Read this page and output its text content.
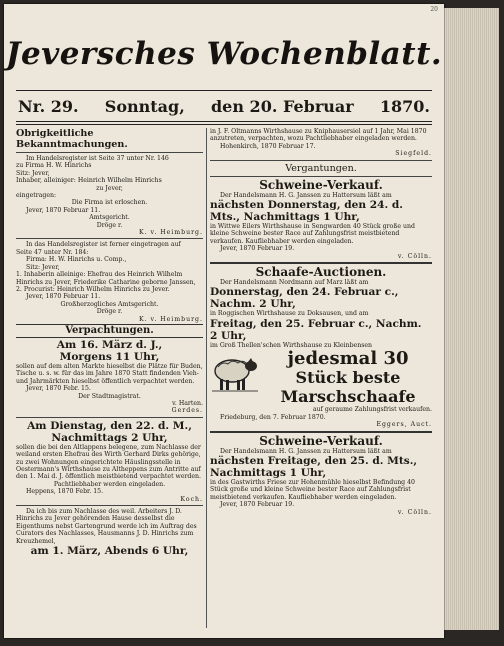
20
Jeversches Wochenblatt.
Nr. 29. Sonntag, den 20. Februar 1870.

Obrigkeitliche Bekanntmachungen.

Im Handelsregister ist Seite 37 unter Nr. 146

zu Firma H. W. Hinrichs

Sitz: Jever,

Inhaber, alleiniger: Heinrich Wilhelm Hinrichs

zu Jever,

eingetragen:

Die Firma ist erloschen.

Jever, 1870 Februar 11.

Amtsgericht.

Dröge r.

K. v. Heimburg.

In das Handelsregister ist ferner eingetragen auf

Seite 47 unter Nr. 184:

Firma: H. W. Hinrichs u. Comp.,

Sitz: Jever,

1. Inhaberin alleinige: Ehefrau des Heinrich Wilhelm Hinrichs zu Jever, Friederike Catharine geborne Janssen,

2. Procurist: Heinrich Wilhelm Hinrichs zu Jever.

Jever, 1870 Februar 11.

Großherzogliches Amtsgericht.

Dröge r.

K. v. Heimburg.

Verpachtungen.

Am 16. März d. J.,

Morgens 11 Uhr,

sollen auf dem alten Markte hieselbst die Plätze für Buden, Tische u. s. w. für das im Jahre 1870 Statt findenden Vieh- und Jahrmärkten hieselbst öffentlich verpachtet werden.

Jever, 1870 Febr. 15.

Der Stadtmagistrat.

v. Harten.

Gerdes.

Am Dienstag, den 22. d. M.,

Nachmittags 2 Uhr,

sollen die bei den Altlappens belegene, zum Nachlasse der weiland ersten Ehefrau des Wirth Gerhard Dirks gehörige, zu zwei Wohnungen eingerichtete Häuslingsstelle in Oestermann's Wirthshause zu Altheppens zum Antritte auf den 1. Mai d. J. öffentlich meistbietend verpachtet werden.

Pachtliebhaber werden eingeladen.

Heppens, 1870 Febr. 15.

Koch.

Da ich bis zum Nachlasse des weil. Arbeiters J. D. Hinrichs zu Jever gehörenden Hause desselbst die Eigenthums nebst Gartengrund werde ich im Auftrag des Curators des Nachlasses, Hausmanns J. D. Hinrichs zum Kreuzhemel,

am 1. März, Abends 6 Uhr,

in J. F. Oltmanns Wirthshause zu Kniphausersiel auf 1 Jahr, Mai 1870 anzutreten, verpachten, wozu Pachtliebhaber eingeladen werden.

Hohenkirch, 1870 Februar 17.

Siegfeld.

Vergantungen.

Schweine-Verkauf.

Der Handelsmann H. G. Janssen zu Hattersum läßt am

nächsten Donnerstag, den 24. d. Mts., Nachmittags 1 Uhr,

in Wittwe Eilers Wirthshause in Sengwarden 40 Stück große und kleine Schweine bester Race auf Zahlungsfrist meistbietend verkaufen. Kaufliebhaber werden eingeladen.

Jever, 1870 Februar 19.

v. Cölln.

Schaafe-Auctionen.

Der Handelsmann Nordmann auf Marz läßt am

Donnerstag, den 24. Februar c., Nachm. 2 Uhr,

in Roggischen Wirthshause zu Doksausen, und am

Freitag, den 25. Februar c., Nachm. 2 Uhr,

im Groß Thellen'schen Wirthshause zu Kleinbensen

jedesmal 30

Stück beste

Marschschaafe

auf geraume Zahlungsfrist verkaufen.

Friedeburg, den 7. Februar 1870.

Eggers, Auct.

Schweine-Verkauf.

Der Handelsmann H. G. Janssen zu Hattersum läßt am

nächsten Freitage, den 25. d. Mts., Nachmittags 1 Uhr,

in des Gastwirths Friese zur Hohenmühle hieselbst Befindung 40 Stück große und kleine Schweine bester Race auf Zahlungsfrist meistbietend verkaufen. Kaufliebhaber werden eingeladen.

Jever, 1870 Februar 19.

v. Cölln.
